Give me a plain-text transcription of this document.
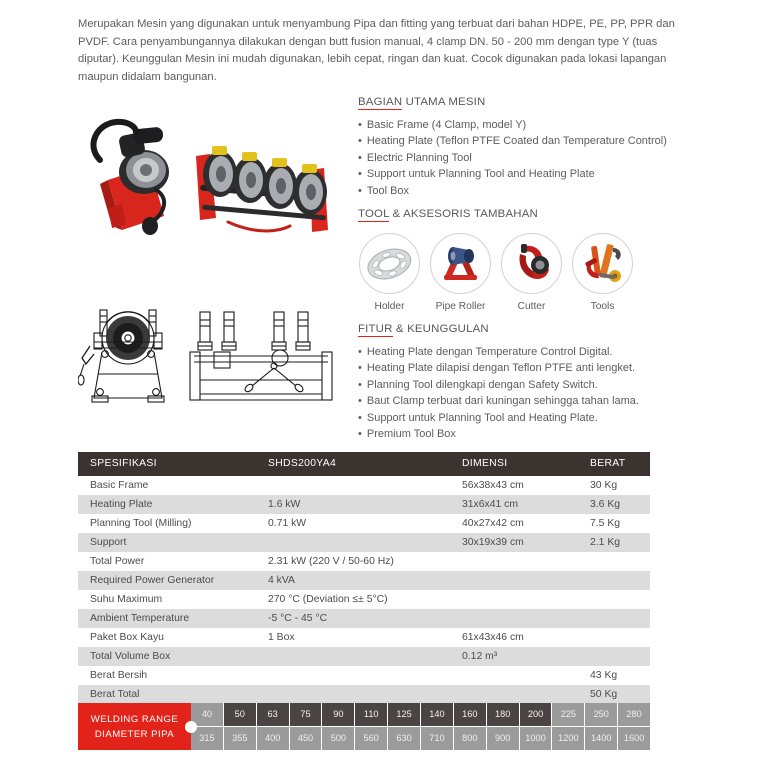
Merupakan Mesin yang digunakan untuk menyambung Pipa dan fitting yang terbuat dari bahan HDPE, PE, PP, PPR dan PVDF. Cara penyambungannya dilakukan dengan butt fusion manual, 4 clamp DN. 50 - 200 mm dengan type Y (tuas diputar). Keunggulan Mesin ini mudah digunakan, lebih cepat, ringan dan kuat. Cocok digunakan pada lokasi lapangan maupun didalam bangunan.
BAGIAN UTAMA MESIN
• Basic Frame (4 Clamp, model Y)
• Heating Plate (Teflon PTFE Coated dan Temperature Control)
• Electric Planning Tool
• Support untuk Planning Tool and Heating Plate
• Tool Box
TOOL & AKSESORIS TAMBAHAN
Holder	Pipe Roller	Cutter	Tools
FITUR & KEUNGGULAN
• Heating Plate dengan Temperature Control Digital.
• Heating Plate dilapisi dengan Teflon PTFE anti lengket.
• Planning Tool dilengkapi dengan Safety Switch.
• Baut Clamp terbuat dari kuningan sehingga tahan lama.
• Support untuk Planning Tool and Heating Plate.
• Premium Tool Box
SPESIFIKASI	SHDS200YA4	DIMENSI	BERAT
Basic Frame		56x38x43 cm	30 Kg
Heating Plate	1.6 kW	31x6x41 cm	3.6 Kg
Planning Tool (Milling)	0.71 kW	40x27x42 cm	7.5 Kg
Support		30x19x39 cm	2.1 Kg
Total Power	2.31 kW (220 V / 50-60 Hz)		
Required Power Generator	4 kVA		
Suhu Maximum	270 °C (Deviation ≤± 5°C)		
Ambient Temperature	-5 °C - 45 °C		
Paket Box Kayu	1 Box	61x43x46 cm	
Total Volume Box		0.12 m³	
Berat Bersih			43 Kg
Berat Total			50 Kg
WELDING RANGE
DIAMETER PIPA
40	50	63	75	90	110	125	140	160	180	200	225	250	280
315	355	400	450	500	560	630	710	800	900	1000	1200	1400	1600
